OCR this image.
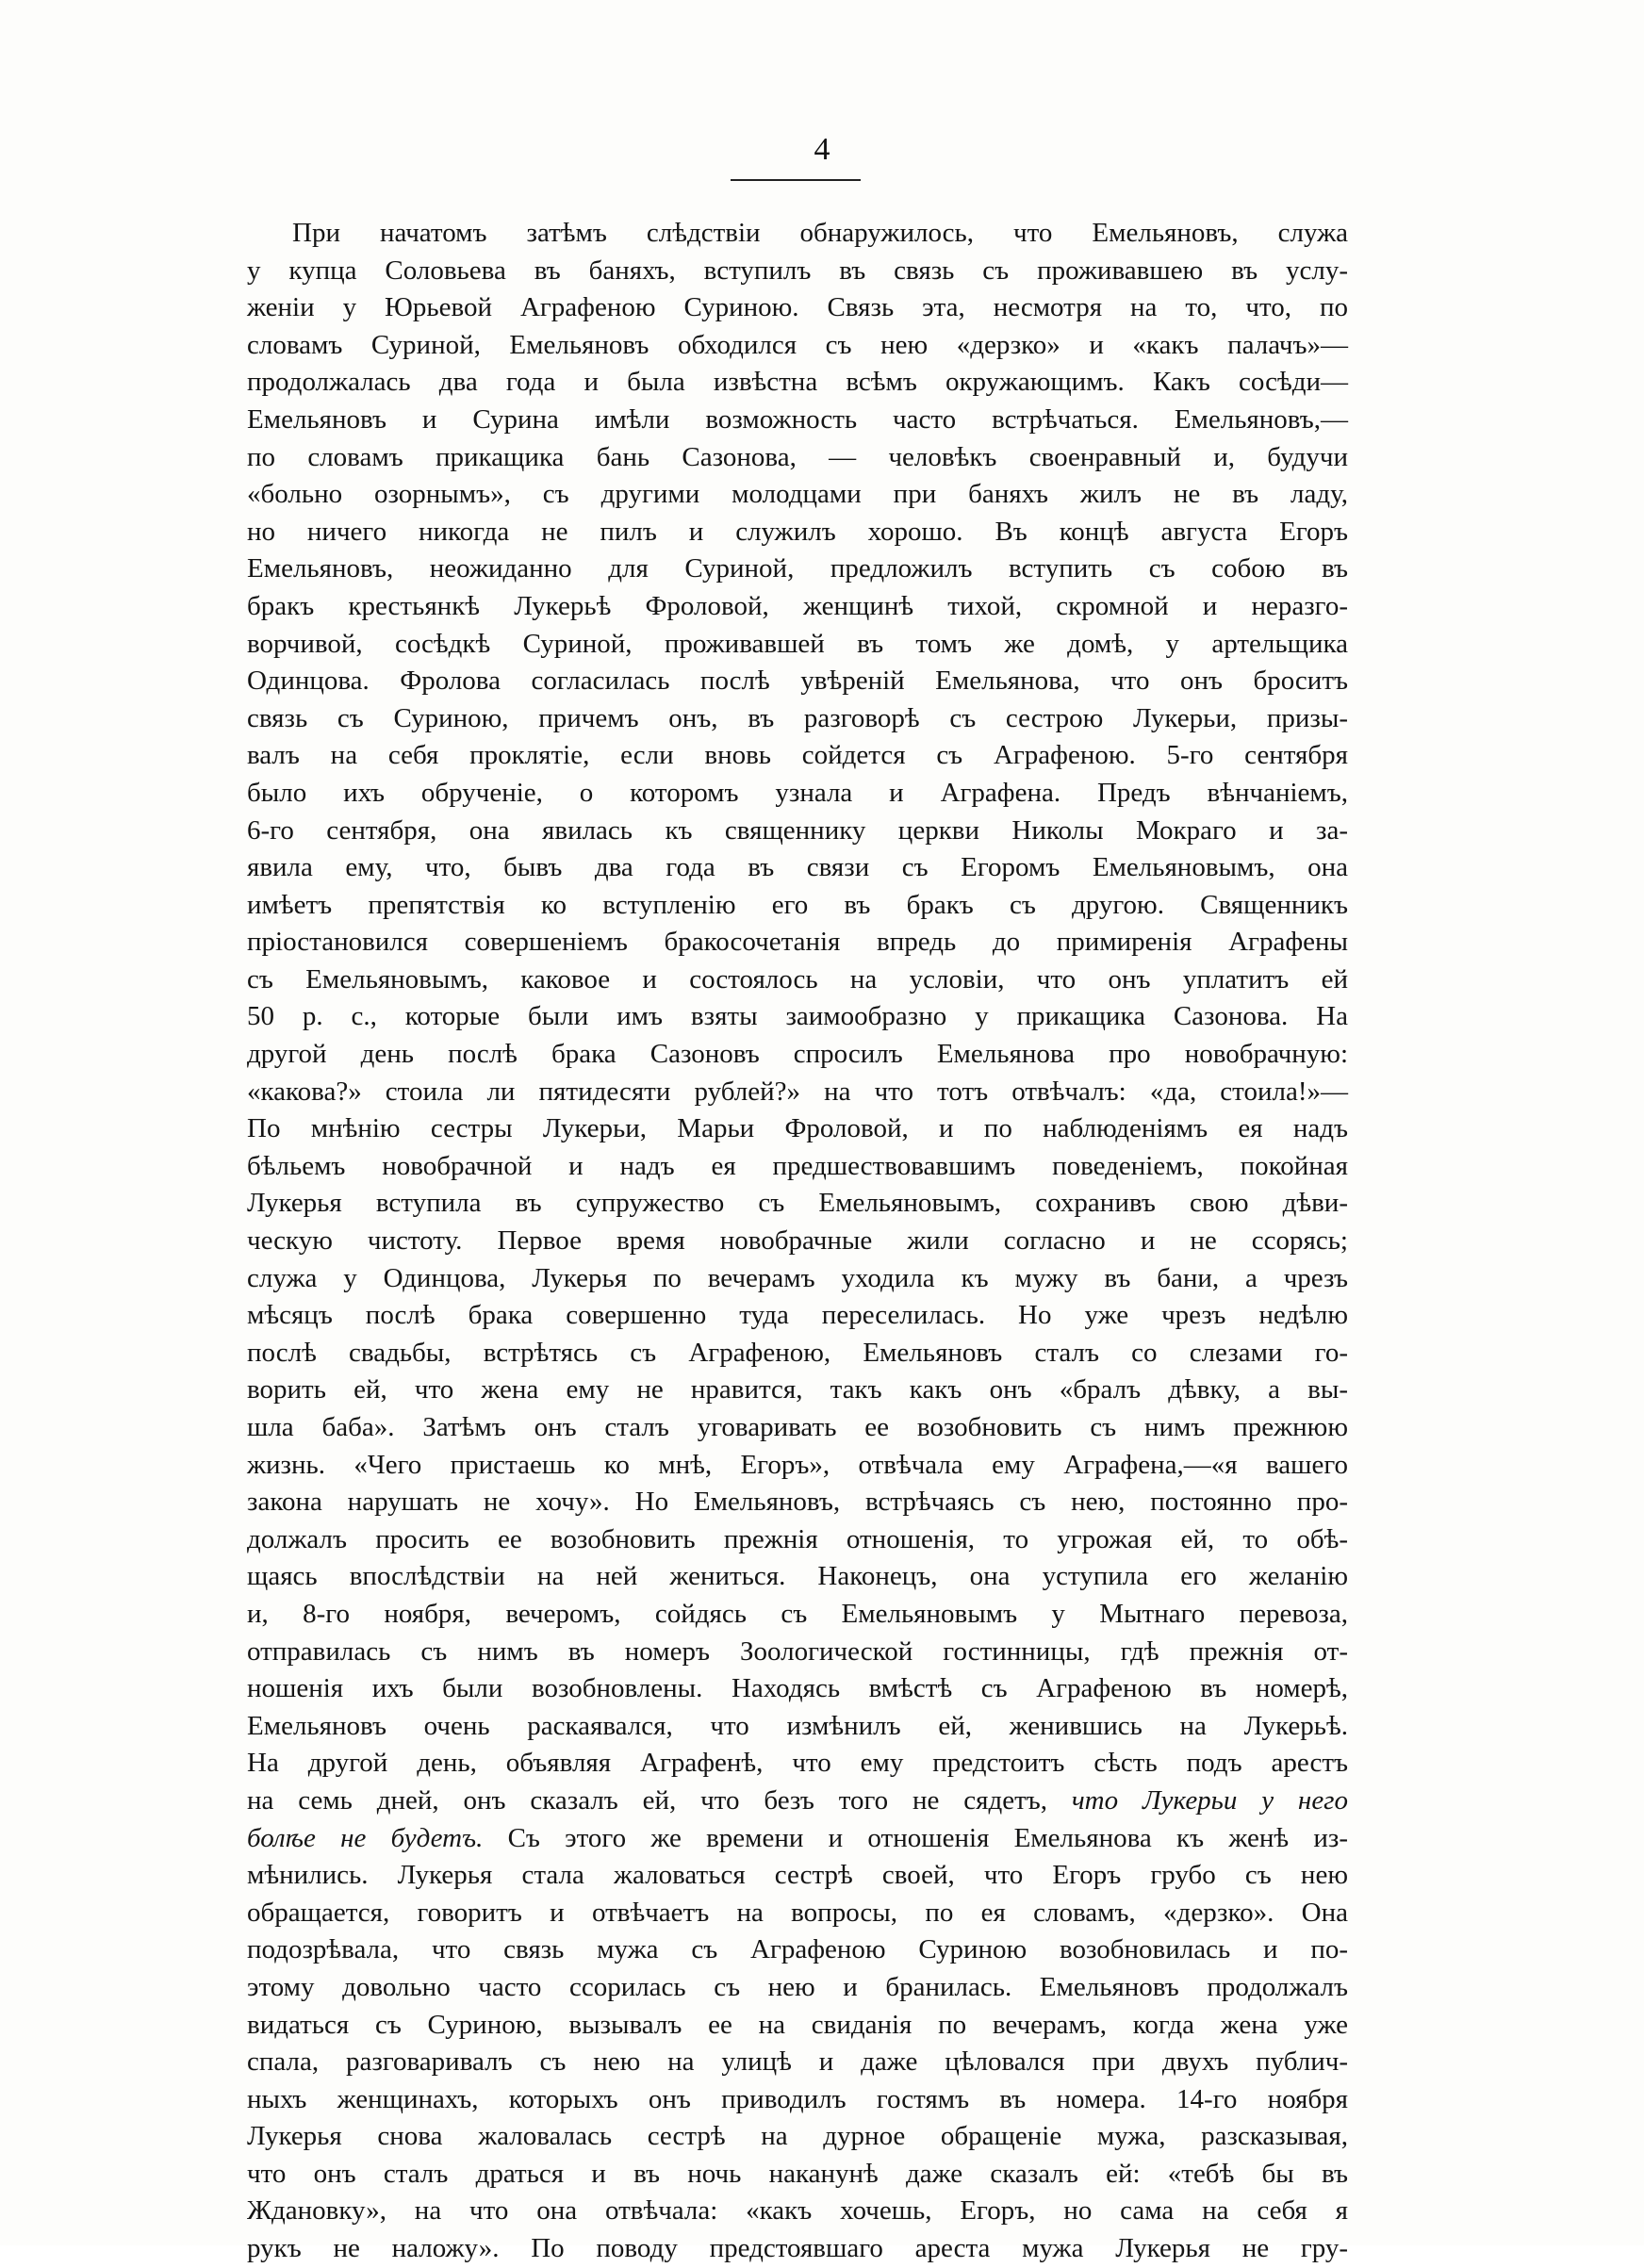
4
При начатомъ затѣмъ слѣдствіи обнаружилось, что Емельяновъ, служа
у купца Соловьева въ баняхъ, вступилъ въ связь съ проживавшею въ услу-
женіи у Юрьевой Аграфеною Суриною. Связь эта, несмотря на то, что, по
словамъ Суриной, Емельяновъ обходился съ нею «дерзко» и «какъ палачъ»—
продолжалась два года и была извѣстна всѣмъ окружающимъ. Какъ сосѣди—
Емельяновъ и Сурина имѣли возможность часто встрѣчаться. Емельяновъ,—
по словамъ прикащика бань Сазонова, — человѣкъ своенравный и, будучи
«больно озорнымъ», съ другими молодцами при баняхъ жилъ не въ ладу,
но ничего никогда не пилъ и служилъ хорошо. Въ концѣ августа Егоръ
Емельяновъ, неожиданно для Суриной, предложилъ вступить съ собою въ
бракъ крестьянкѣ Лукерьѣ Фроловой, женщинѣ тихой, скромной и неразго-
ворчивой, сосѣдкѣ Суриной, проживавшей въ томъ же домѣ, у артельщика
Одинцова. Фролова согласилась послѣ увѣреній Емельянова, что онъ броситъ
связь съ Суриною, причемъ онъ, въ разговорѣ съ сестрою Лукерьи, призы-
валъ на себя проклятіе, если вновь сойдется съ Аграфеною. 5-го сентября
было ихъ обрученіе, о которомъ узнала и Аграфена. Предъ вѣнчаніемъ,
6-го сентября, она явилась къ священнику церкви Николы Мокраго и за-
явила ему, что, бывъ два года въ связи съ Егоромъ Емельяновымъ, она
имѣетъ препятствія ко вступленію его въ бракъ съ другою. Священникъ
пріостановился совершеніемъ бракосочетанія впредь до примиренія Аграфены
съ Емельяновымъ, каковое и состоялось на условіи, что онъ уплатитъ ей
50 р. с., которые были имъ взяты заимообразно у прикащика Сазонова. На
другой день послѣ брака Сазоновъ спросилъ Емельянова про новобрачную:
«какова?» стоила ли пятидесяти рублей?» на что тотъ отвѣчалъ: «да, стоила!»—
По мнѣнію сестры Лукерьи, Марьи Фроловой, и по наблюденіямъ ея надъ
бѣльемъ новобрачной и надъ ея предшествовавшимъ поведеніемъ, покойная
Лукерья вступила въ супружество съ Емельяновымъ, сохранивъ свою дѣви-
ческую чистоту. Первое время новобрачные жили согласно и не ссорясь;
служа у Одинцова, Лукерья по вечерамъ уходила къ мужу въ бани, а чрезъ
мѣсяцъ послѣ брака совершенно туда переселилась. Но уже чрезъ недѣлю
послѣ свадьбы, встрѣтясь съ Аграфеною, Емельяновъ сталъ со слезами го-
ворить ей, что жена ему не нравится, такъ какъ онъ «бралъ дѣвку, а вы-
шла баба». Затѣмъ онъ сталъ уговаривать ее возобновить съ нимъ прежнюю
жизнь. «Чего пристаешь ко мнѣ, Егоръ», отвѣчала ему Аграфена,—«я вашего
закона нарушать не хочу». Но Емельяновъ, встрѣчаясь съ нею, постоянно про-
должалъ просить ее возобновить прежнія отношенія, то угрожая ей, то обѣ-
щаясь впослѣдствіи на ней жениться. Наконецъ, она уступила его желанію
и, 8-го ноября, вечеромъ, сойдясь съ Емельяновымъ у Мытнаго перевоза,
отправилась съ нимъ въ номеръ Зоологической гостинницы, гдѣ прежнія от-
ношенія ихъ были возобновлены. Находясь вмѣстѣ съ Аграфеною въ номерѣ,
Емельяновъ очень раскаявался, что измѣнилъ ей, женившись на Лукерьѣ.
На другой день, объявляя Аграфенѣ, что ему предстоитъ сѣсть подъ арестъ
на семь дней, онъ сказалъ ей, что безъ того не сядетъ, что Лукерьи у него
болѣе не будетъ. Съ этого же времени и отношенія Емельянова къ женѣ из-
мѣнились. Лукерья стала жаловаться сестрѣ своей, что Егоръ грубо съ нею
обращается, говоритъ и отвѣчаетъ на вопросы, по ея словамъ, «дерзко». Она
подозрѣвала, что связь мужа съ Аграфеною Суриною возобновилась и по-
этому довольно часто ссорилась съ нею и бранилась. Емельяновъ продолжалъ
видаться съ Суриною, вызывалъ ее на свиданія по вечерамъ, когда жена уже
спала, разговаривалъ съ нею на улицѣ и даже цѣловался при двухъ публич-
ныхъ женщинахъ, которыхъ онъ приводилъ гостямъ въ номера. 14-го ноября
Лукерья снова жаловалась сестрѣ на дурное обращеніе мужа, разсказывая,
что онъ сталъ драться и въ ночь наканунѣ даже сказалъ ей: «тебѣ бы въ
Ждановку», на что она отвѣчала: «какъ хочешь, Егоръ, но сама на себя я
рукъ не наложу». По поводу предстоявшаго ареста мужа Лукерья не гру-
